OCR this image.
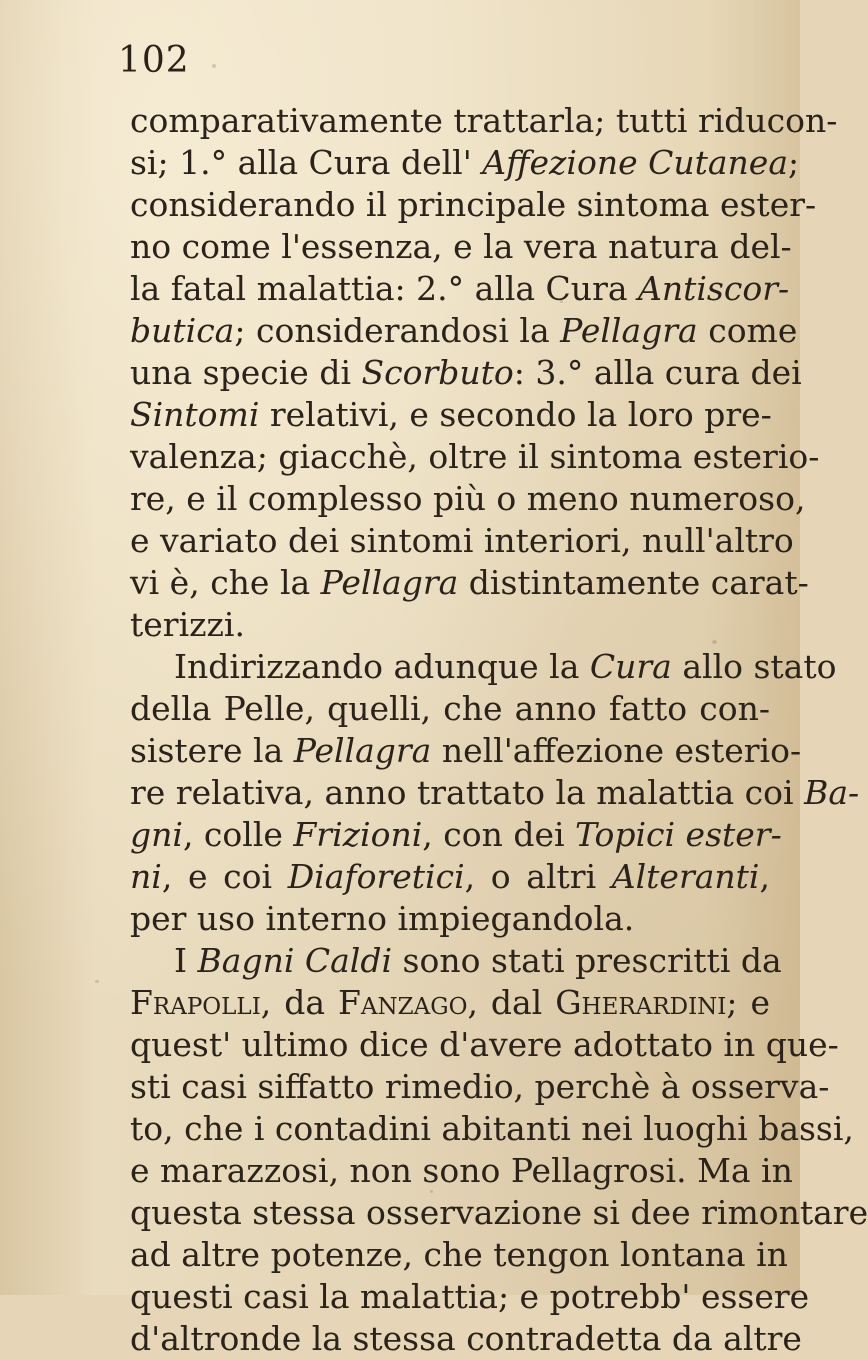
102
comparativamente trattarla; tutti riducon-
si; 1.° alla Cura dell' Affezione Cutanea;
considerando il principale sintoma ester-
no come l'essenza, e la vera natura del-
la fatal malattia: 2.° alla Cura Antiscor-
butica; considerandosi la Pellagra come
una specie di Scorbuto: 3.° alla cura dei
Sintomi relativi, e secondo la loro pre-
valenza; giacchè, oltre il sintoma esterio-
re, e il complesso più o meno numeroso,
e variato dei sintomi interiori, null'altro
vi è, che la Pellagra distintamente carat-
terizzi.
Indirizzando adunque la Cura allo stato
della Pelle, quelli, che anno fatto con-
sistere la Pellagra nell'affezione esterio-
re relativa, anno trattato la malattia coi Ba-
gni, colle Frizioni, con dei Topici ester-
ni, e coi Diaforetici, o altri Alteranti,
per uso interno impiegandola.
I Bagni Caldi sono stati prescritti da
Frapolli, da Fanzago, dal Gherardini; e
quest' ultimo dice d'avere adottato in que-
sti casi siffatto rimedio, perchè à osserva-
to, che i contadini abitanti nei luoghi bassi,
e marazzosi, non sono Pellagrosi. Ma in
questa stessa osservazione si dee rimontare
ad altre potenze, che tengon lontana in
questi casi la malattia; e potrebb' essere
d'altronde la stessa contradetta da altre
